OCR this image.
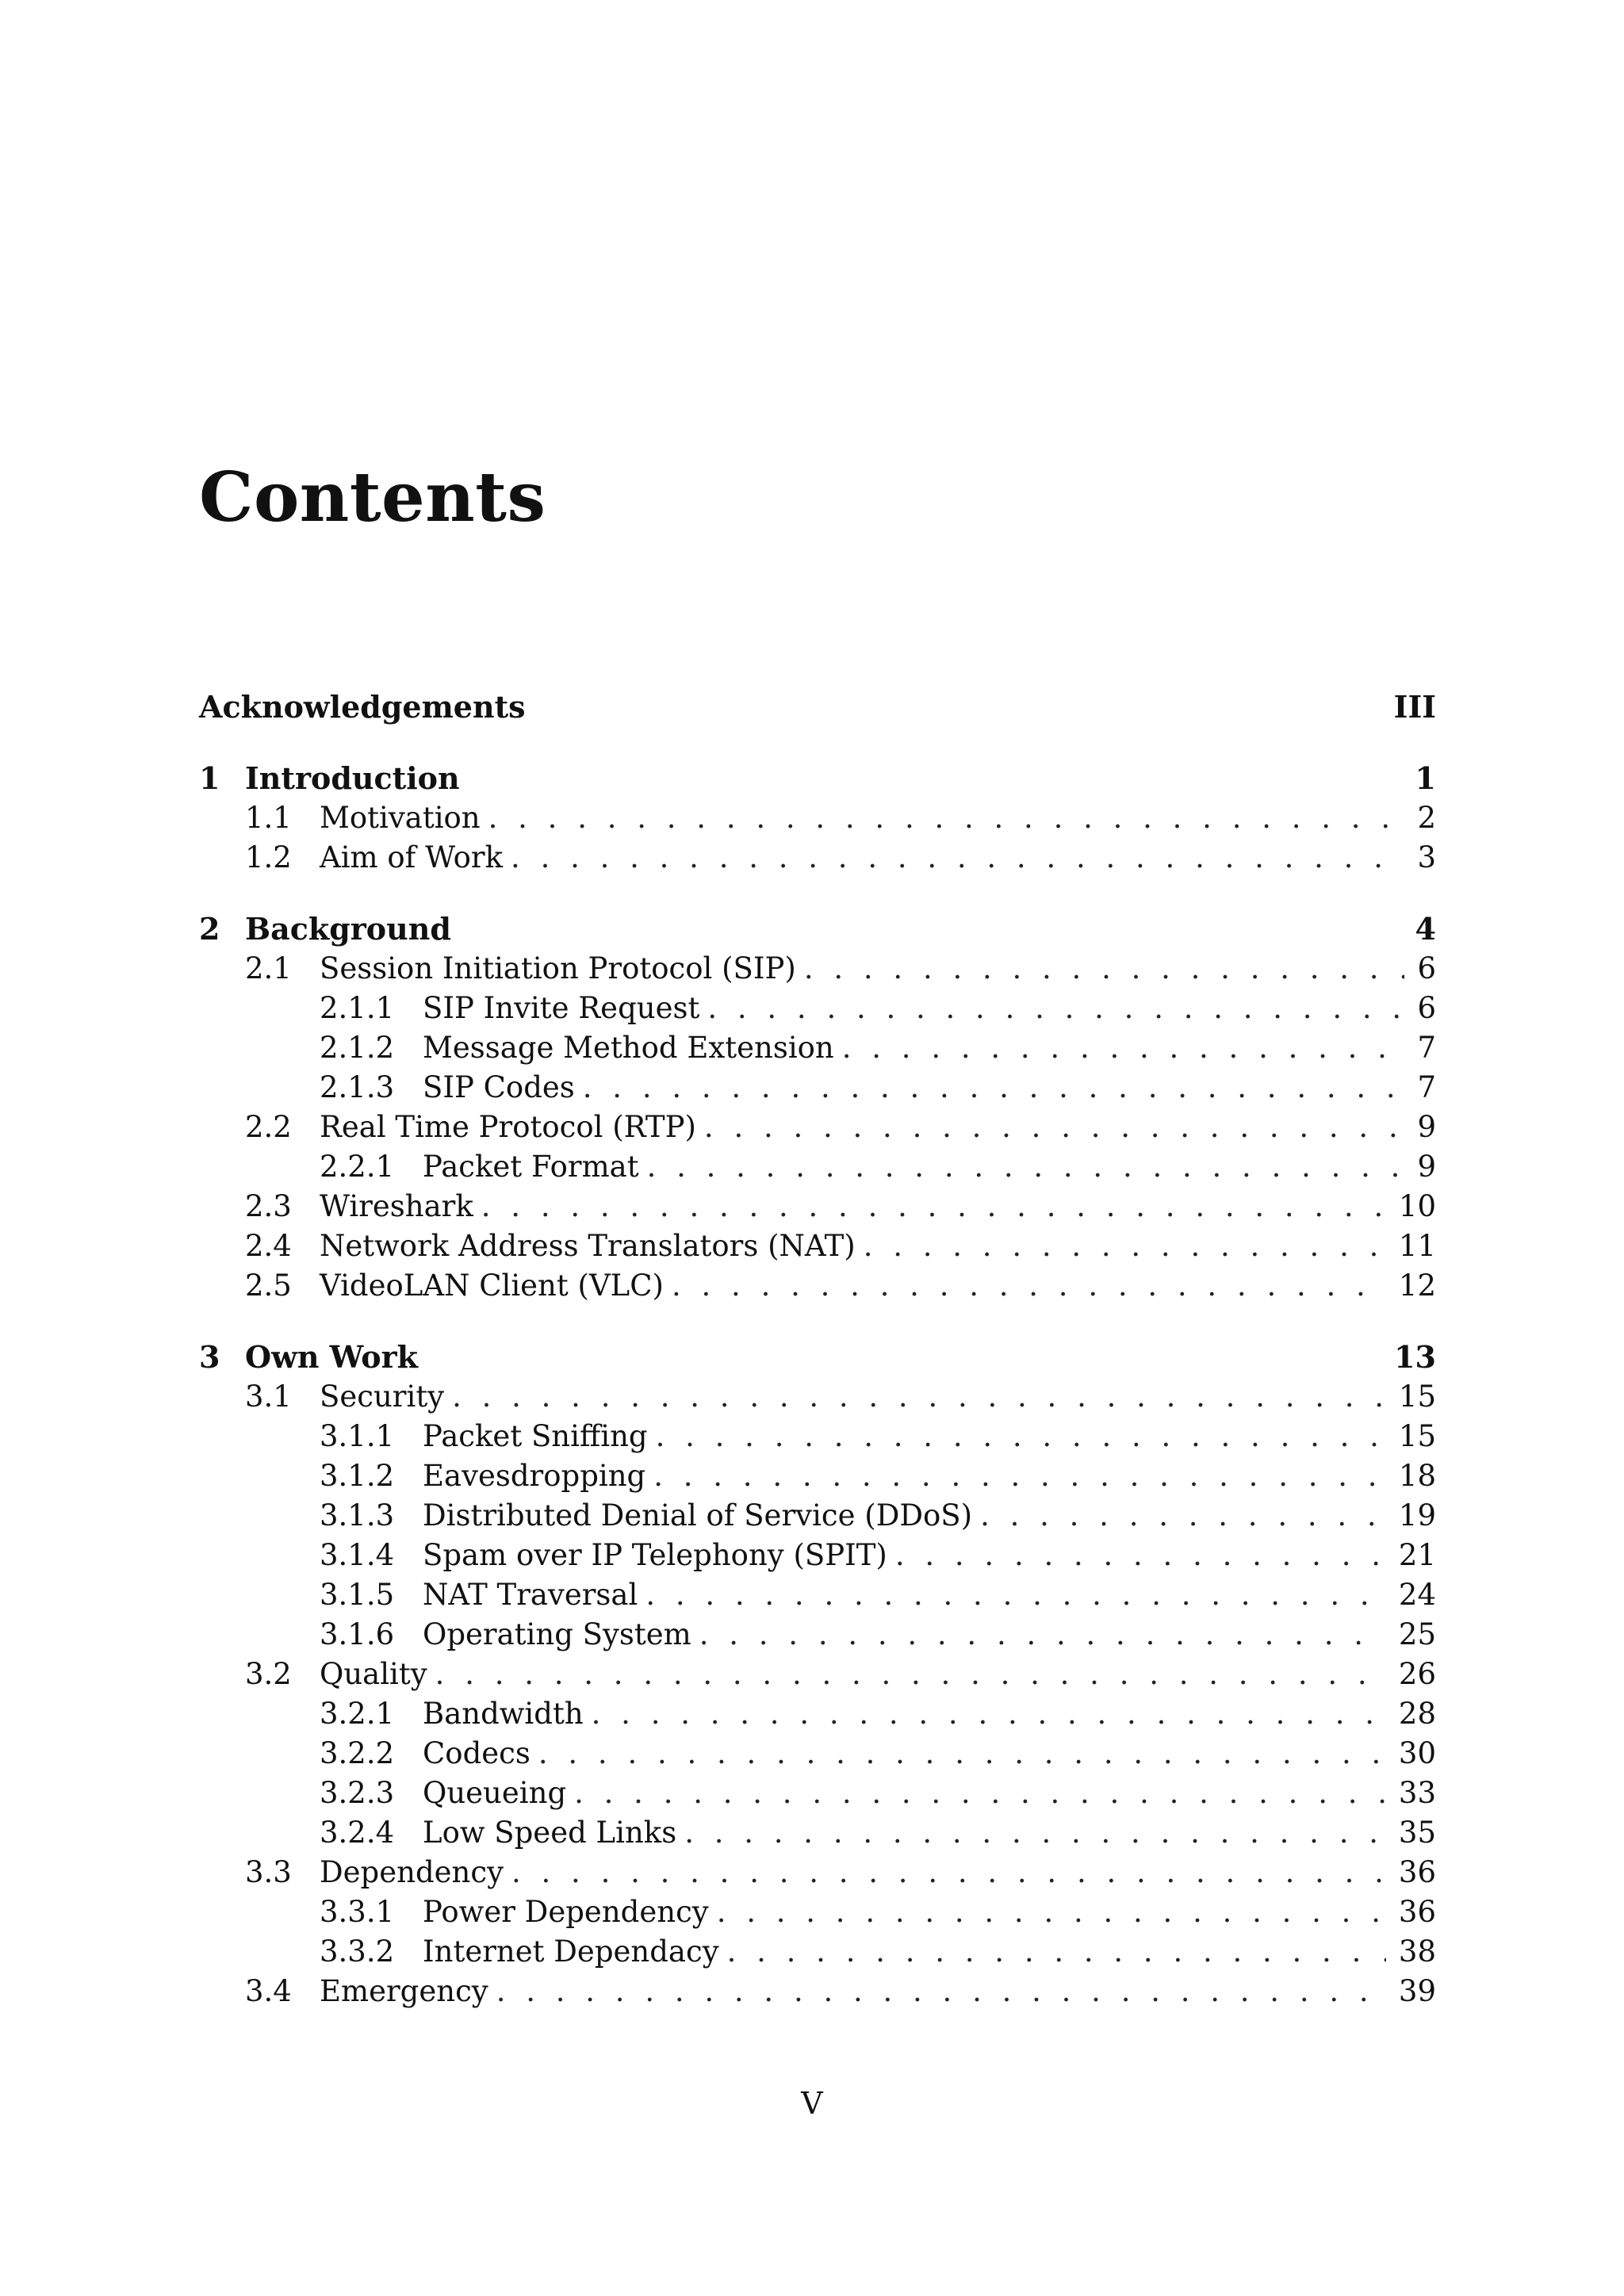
Contents
Acknowledgements	III
1 Introduction	1
1.1 Motivation . . .	2
1.2 Aim of Work . . .	3
2 Background	4
2.1 Session Initiation Protocol (SIP) . . .	6
2.1.1 SIP Invite Request . . .	6
2.1.2 Message Method Extension . . .	7
2.1.3 SIP Codes . . .	7
2.2 Real Time Protocol (RTP) . . .	9
2.2.1 Packet Format . . .	9
2.3 Wireshark . . .	10
2.4 Network Address Translators (NAT) . . .	11
2.5 VideoLAN Client (VLC) . . .	12
3 Own Work	13
3.1 Security . . .	15
3.1.1 Packet Sniffing . . .	15
3.1.2 Eavesdropping . . .	18
3.1.3 Distributed Denial of Service (DDoS) . . .	19
3.1.4 Spam over IP Telephony (SPIT) . . .	21
3.1.5 NAT Traversal . . .	24
3.1.6 Operating System . . .	25
3.2 Quality . . .	26
3.2.1 Bandwidth . . .	28
3.2.2 Codecs . . .	30
3.2.3 Queueing . . .	33
3.2.4 Low Speed Links . . .	35
3.3 Dependency . . .	36
3.3.1 Power Dependency . . .	36
3.3.2 Internet Dependacy . . .	38
3.4 Emergency . . .	39
V
